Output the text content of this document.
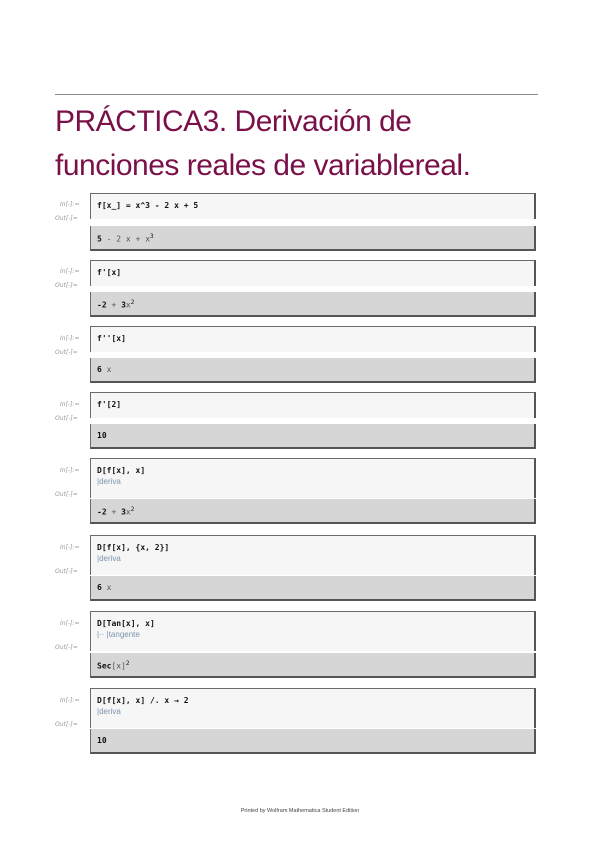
PRÁCTICA3. Derivación de
funciones reales de variablereal.
In[-]:=
Out[-]=
f[x_] = x^3 - 2 x + 5
5 - 2 $x + x^3$
In[-]:=
Out[-]=
f'[x]
$-2 + 3x^2$
In[-]:=
Out[-]=
f''[x]
6 x
In[-]:=
Out[-]=
f'[2]
10
In[-]:=
Out[-]=
D[f[x], x]
|deriva
$-2 + 3x^2$
In[-]:=
Out[-]=
D[f[x], {x, 2}]
|deriva
6 x
In[-]:=
Out[-]=
D[Tan[x], x]
|·· |tangente
$Sec[x]^2$
In[-]:=
Out[-]=
D[f[x], x] /. x → 2
|deriva
10
Printed by Wolfram Mathematica Student Edition
